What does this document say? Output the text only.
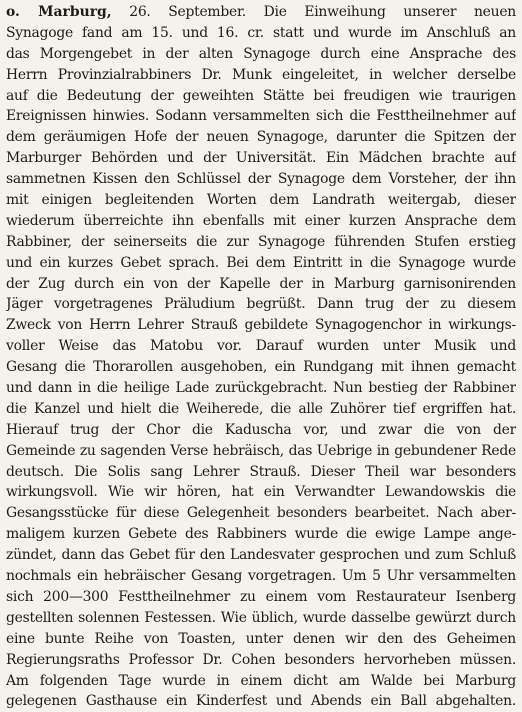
o. Marburg, 26. September. Die Einweihung unserer neuen
Synagoge fand am 15. und 16. cr. statt und wurde im Anschluß an
das Morgengebet in der alten Synagoge durch eine Ansprache des
Herrn Provinzialrabbiners Dr. Munk eingeleitet, in welcher derselbe
auf die Bedeutung der geweihten Stätte bei freudigen wie traurigen
Ereignissen hinwies. Sodann versammelten sich die Festtheilnehmer auf
dem geräumigen Hofe der neuen Synagoge, darunter die Spitzen der
Marburger Behörden und der Universität. Ein Mädchen brachte auf
sammetnen Kissen den Schlüssel der Synagoge dem Vorsteher, der ihn
mit einigen begleitenden Worten dem Landrath weitergab, dieser
wiederum überreichte ihn ebenfalls mit einer kurzen Ansprache dem
Rabbiner, der seinerseits die zur Synagoge führenden Stufen erstieg
und ein kurzes Gebet sprach. Bei dem Eintritt in die Synagoge wurde
der Zug durch ein von der Kapelle der in Marburg garnisonirenden
Jäger vorgetragenes Präludium begrüßt. Dann trug der zu diesem
Zweck von Herrn Lehrer Strauß gebildete Synagogenchor in wirkungs-
voller Weise das Matobu vor. Darauf wurden unter Musik und
Gesang die Thorarollen ausgehoben, ein Rundgang mit ihnen gemacht
und dann in die heilige Lade zurückgebracht. Nun bestieg der Rabbiner
die Kanzel und hielt die Weiherede, die alle Zuhörer tief ergriffen hat.
Hierauf trug der Chor die Kaduscha vor, und zwar die von der
Gemeinde zu sagenden Verse hebräisch, das Uebrige in gebundener Rede
deutsch. Die Solis sang Lehrer Strauß. Dieser Theil war besonders
wirkungsvoll. Wie wir hören, hat ein Verwandter Lewandowskis die
Gesangsstücke für diese Gelegenheit besonders bearbeitet. Nach aber-
maligem kurzen Gebete des Rabbiners wurde die ewige Lampe ange-
zündet, dann das Gebet für den Landesvater gesprochen und zum Schluß
nochmals ein hebräischer Gesang vorgetragen. Um 5 Uhr versammelten
sich 200—300 Festtheilnehmer zu einem vom Restaurateur Isenberg
gestellten solennen Festessen. Wie üblich, wurde dasselbe gewürzt durch
eine bunte Reihe von Toasten, unter denen wir den des Geheimen
Regierungsraths Professor Dr. Cohen besonders hervorheben müssen.
Am folgenden Tage wurde in einem dicht am Walde bei Marburg
gelegenen Gasthause ein Kinderfest und Abends ein Ball abgehalten.
